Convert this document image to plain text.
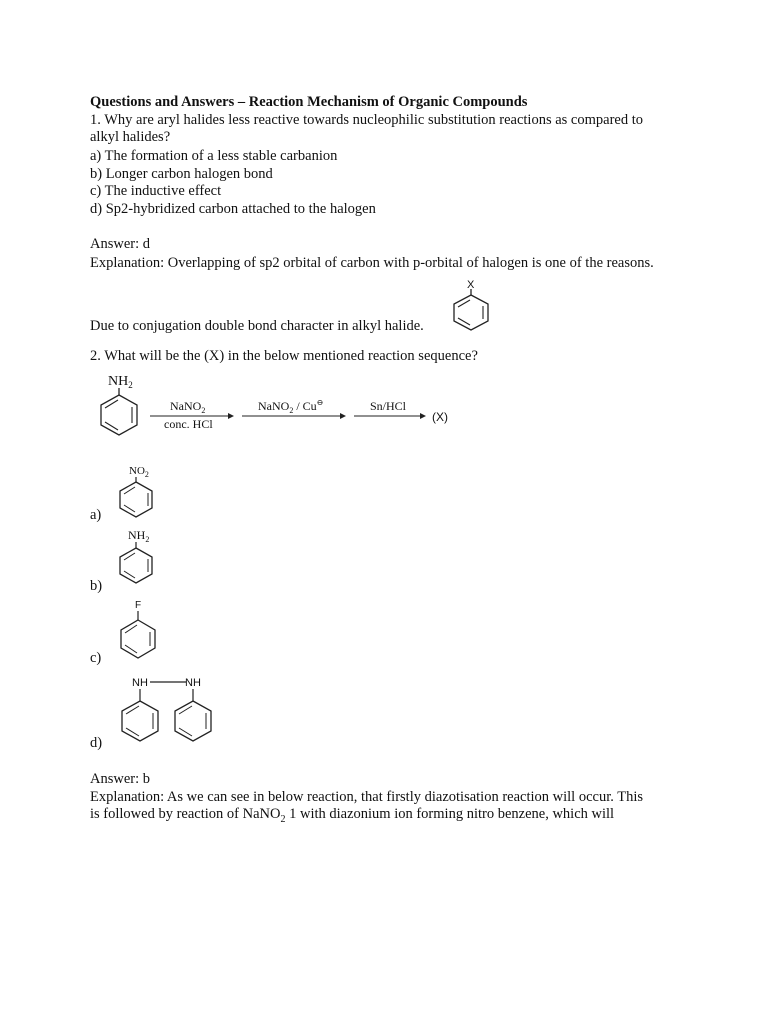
Questions and Answers – Reaction Mechanism of Organic Compounds
1. Why are aryl halides less reactive towards nucleophilic substitution reactions as compared to
alkyl halides?
a) The formation of a less stable carbanion
b) Longer carbon halogen bond
c) The inductive effect
d) Sp2-hybridized carbon attached to the halogen
Answer: d
Explanation: Overlapping of sp2 orbital of carbon with p-orbital of halogen is one of the reasons.
X
Due to conjugation double bond character in alkyl halide.
2. What will be the (X) in the below mentioned reaction sequence?
$NH_2$
NaNO$_2$
conc. HCl
NaNO$_2$ / Cu⊖	Sn/HCl
(X)
$NO_2$
a)
$NH_2$
b)
F
c)
NH	NH
d)
Answer: b
Explanation: As we can see in below reaction, that firstly diazotisation reaction will occur. This
is followed by reaction of NaNO$_2$ 1 with diazonium ion forming nitro benzene, which will
